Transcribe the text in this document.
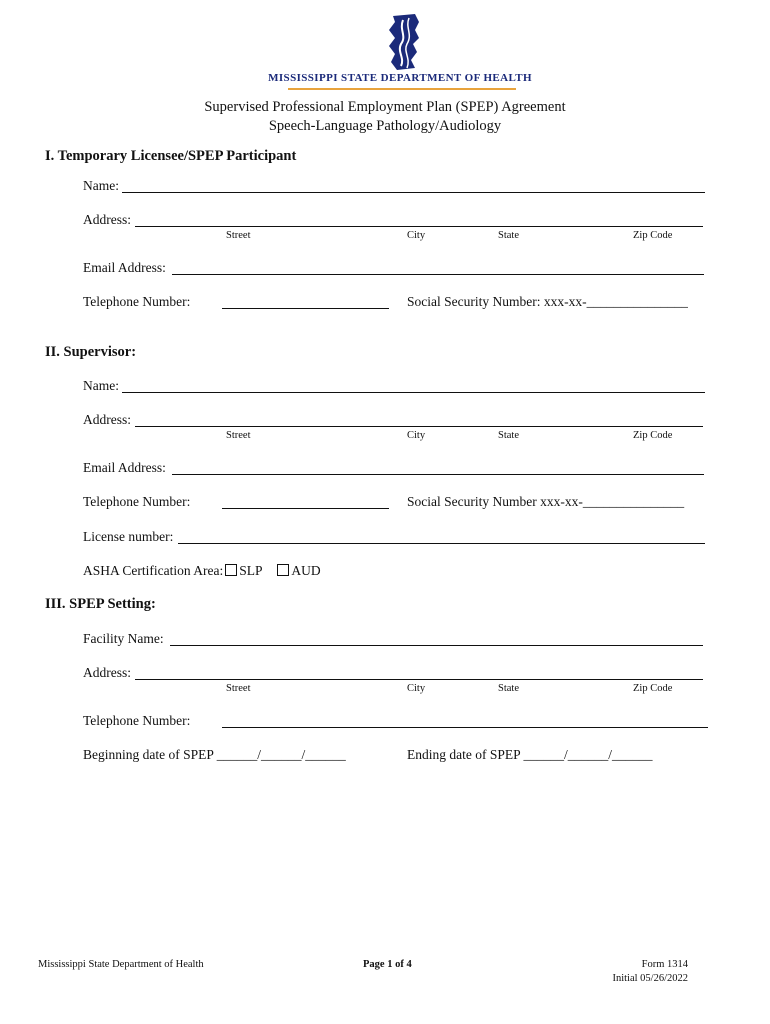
MISSISSIPPI STATE DEPARTMENT OF HEALTH
Supervised Professional Employment Plan (SPEP) Agreement
Speech-Language Pathology/Audiology
I. Temporary Licensee/SPEP Participant
Name:
Address:
Street	City	State	Zip Code
Email Address:
Telephone Number:	Social Security Number: xxx-xx-_______________
II. Supervisor:
Name:
Address:
Street	City	State	Zip Code
Email Address:
Telephone Number:	Social Security Number xxx-xx-_______________
License number:
ASHA Certification Area: SLP AUD
III. SPEP Setting:
Facility Name:
Address:
Street	City	State	Zip Code
Telephone Number:
Beginning date of SPEP ______/______/______	Ending date of SPEP ______/______/______
Mississippi State Department of Health	Page 1 of 4	Form 1314
Initial 05/26/2022
